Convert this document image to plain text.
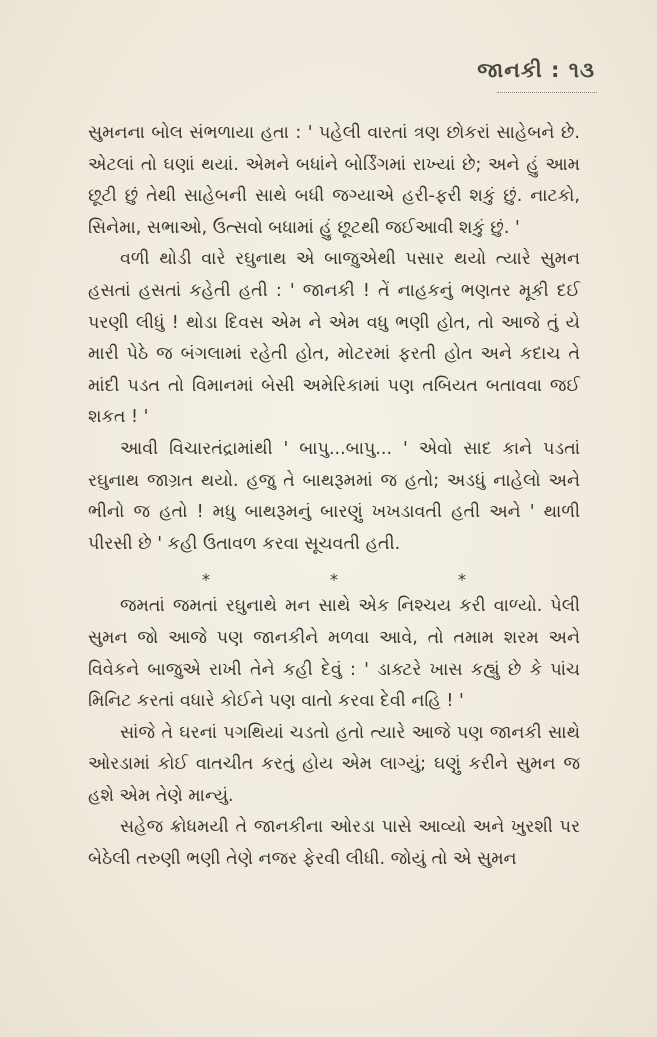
જાનકી : ૧૩

સુમનના બોલ સંભળાયા હતા : ' પહેલી વારતાં ત્રણ છોકરાં સાહેબને છે. એટલાં તો ઘણાં થયાં. એમને બધાંને બોર્ડિંગમાં રાખ્યાં છે; અને હું આમ છૂટી છું તેથી સાહેબની સાથે બધી જગ્યાએ હરી-ફરી શકું છું. નાટકો, સિનેમા, સભાઓ, ઉત્સવો બધામાં હું છૂટથી જઈઆવી શકું છું. '

વળી થોડી વારે રઘુનાથ એ બાજુએથી પસાર થયો ત્યારે સુમન હસતાં હસતાં કહેતી હતી : ' જાનકી ! તેં નાહકનું ભણતર મૂકી દઈ પરણી લીધું ! થોડા દિવસ એમ ને એમ વધુ ભણી હોત, તો આજે તું યે મારી પેઠે જ બંગલામાં રહેતી હોત, મોટરમાં ફરતી હોત અને કદાચ તે માંદી પડત તો વિમાનમાં બેસી અમેરિકામાં પણ તબિયત બતાવવા જઈ શકત ! '

આવી વિચારતંદ્રામાંથી ' બાપુ...બાપુ... ' એવો સાદ કાને પડતાં રઘુનાથ જાગ્રત થયો. હજુ તે બાથરૂમમાં જ હતો; અડધું નાહેલો અને ભીનો જ હતો ! મધુ બાથરૂમનું બારણું ખખડાવતી હતી અને ' થાળી પીરસી છે ' કહી ઉતાવળ કરવા સૂચવતી હતી.

*	*	*

જમતાં જમતાં રઘુનાથે મન સાથે એક નિશ્ચય કરી વાળ્યો. પેલી સુમન જો આજે પણ જાનકીને મળવા આવે, તો તમામ શરમ અને વિવેકને બાજુએ રાખી તેને કહી દેવું : ' ડાક્ટરે ખાસ કહ્યું છે કે પાંચ મિનિટ કરતાં વધારે કોઈને પણ વાતો કરવા દેવી નહિ ! '

સાંજે તે ઘરનાં પગથિયાં ચડતો હતો ત્યારે આજે પણ જાનકી સાથે ઓરડામાં કોઈ વાતચીત કરતું હોય એમ લાગ્યું; ઘણું કરીને સુમન જ હશે એમ તેણે માન્યું.

સહેજ ક્રોધમયી તે જાનકીના ઓરડા પાસે આવ્યો અને ખુરશી પર બેઠેલી તરુણી ભણી તેણે નજર ફેરવી લીધી. જોયું તો એ સુમન
